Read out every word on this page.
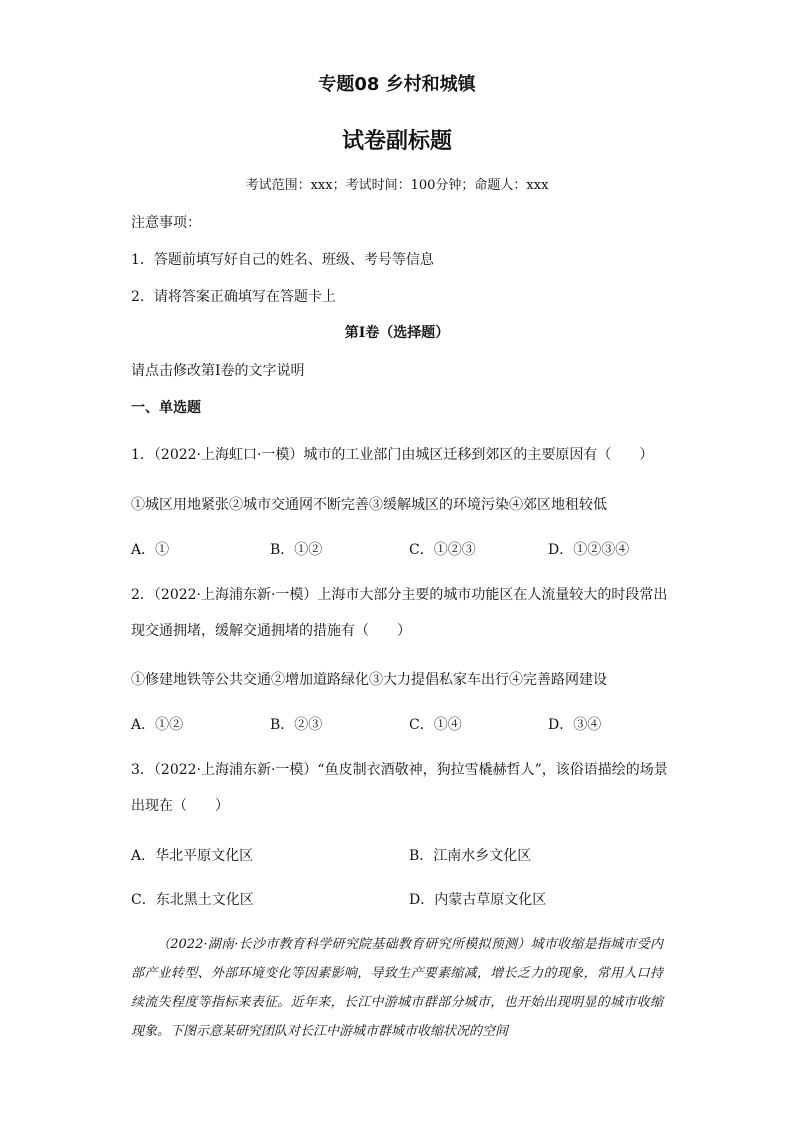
专题08 乡村和城镇
试卷副标题
考试范围：xxx；考试时间：100分钟；命题人：xxx
注意事项：
1．答题前填写好自己的姓名、班级、考号等信息
2．请将答案正确填写在答题卡上
第I卷（选择题）
请点击修改第I卷的文字说明
一、单选题
1．（2022·上海虹口·一模）城市的工业部门由城区迁移到郊区的主要原因有（　　）
①城区用地紧张②城市交通网不断完善③缓解城区的环境污染④郊区地租较低
A．①	B．①②	C．①②③	D．①②③④
2．（2022·上海浦东新·一模）上海市大部分主要的城市功能区在人流量较大的时段常出
现交通拥堵，缓解交通拥堵的措施有（　　）
①修建地铁等公共交通②增加道路绿化③大力提倡私家车出行④完善路网建设
A．①②	B．②③	C．①④	D．③④
3．（2022·上海浦东新·一模）“鱼皮制衣酒敬神，狗拉雪橇赫哲人”，该俗语描绘的场景
出现在（　　）
A．华北平原文化区	B．江南水乡文化区
C．东北黑土文化区	D．内蒙古草原文化区
（2022·湖南·长沙市教育科学研究院基础教育研究所模拟预测）城市收缩是指城市受内部产业转型、外部环境变化等因素影响，导致生产要素缩减，增长乏力的现象，常用人口持续流失程度等指标来表征。近年来，长江中游城市群部分城市，也开始出现明显的城市收缩现象。下图示意某研究团队对长江中游城市群城市收缩状况的空间
